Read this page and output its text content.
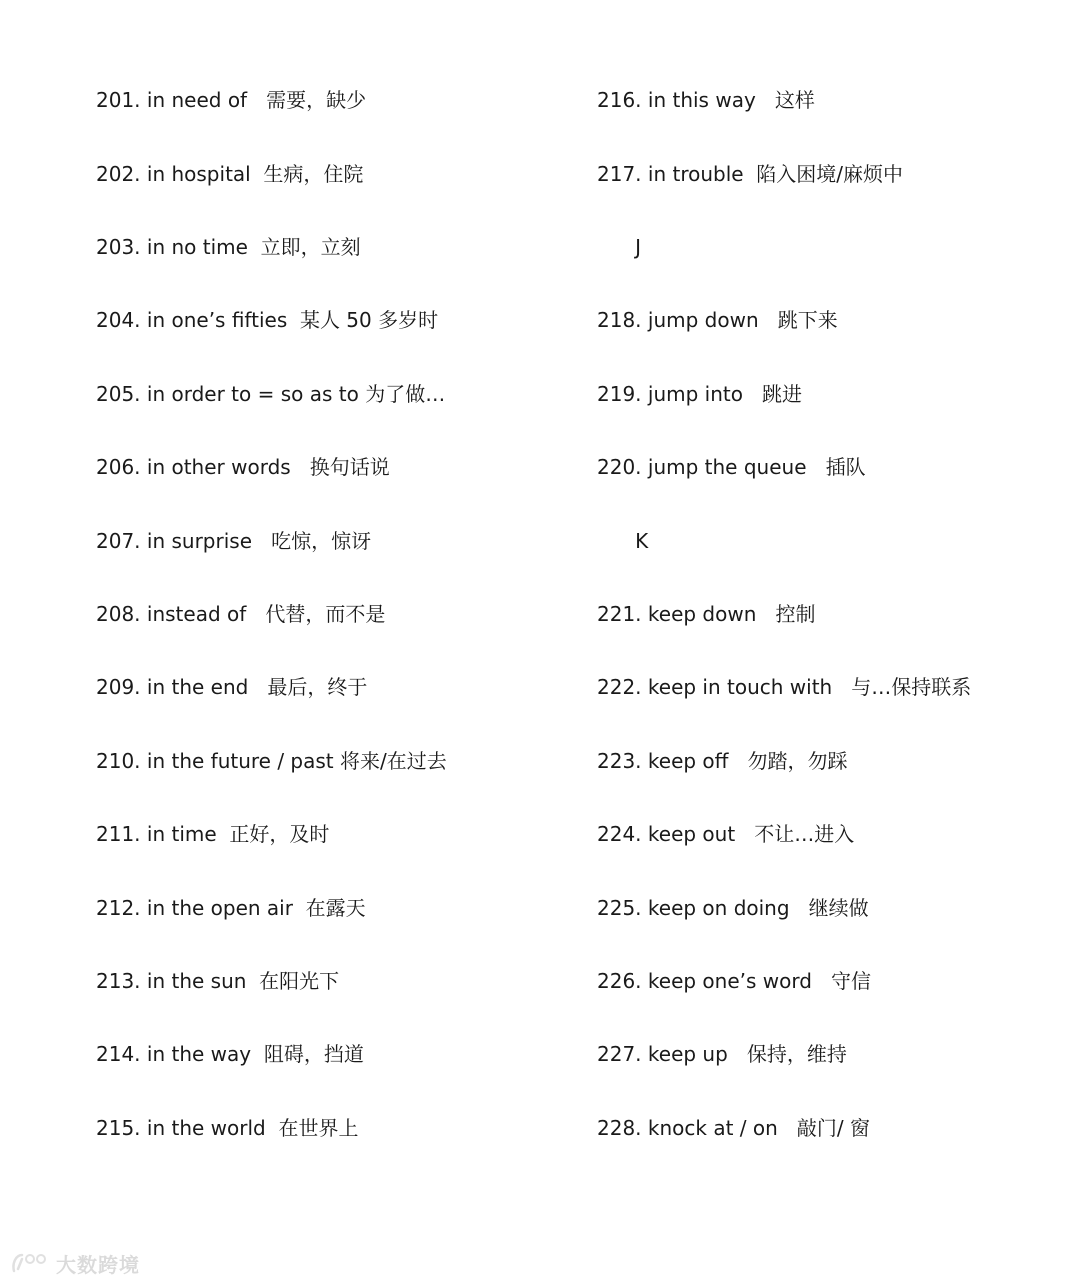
201. in need of   需要，缺少
202. in hospital  生病，住院
203. in no time  立即，立刻
204. in one’s fifties  某人 50 多岁时
205. in order to = so as to 为了做…
206. in other words   换句话说
207. in surprise   吃惊，惊讶
208. instead of   代替，而不是
209. in the end   最后，终于
210. in the future / past 将来/在过去
211. in time  正好，及时
212. in the open air  在露天
213. in the sun  在阳光下
214. in the way  阻碍，挡道
215. in the world  在世界上
216. in this way   这样
217. in trouble  陷入困境/麻烦中
J
218. jump down   跳下来
219. jump into   跳进
220. jump the queue   插队
K
221. keep down   控制
222. keep in touch with   与…保持联系
223. keep off   勿踏，勿踩
224. keep out   不让…进入
225. keep on doing   继续做
226. keep one’s word   守信
227. keep up   保持，维持
228. knock at / on   敲门/ 窗
大数跨境
